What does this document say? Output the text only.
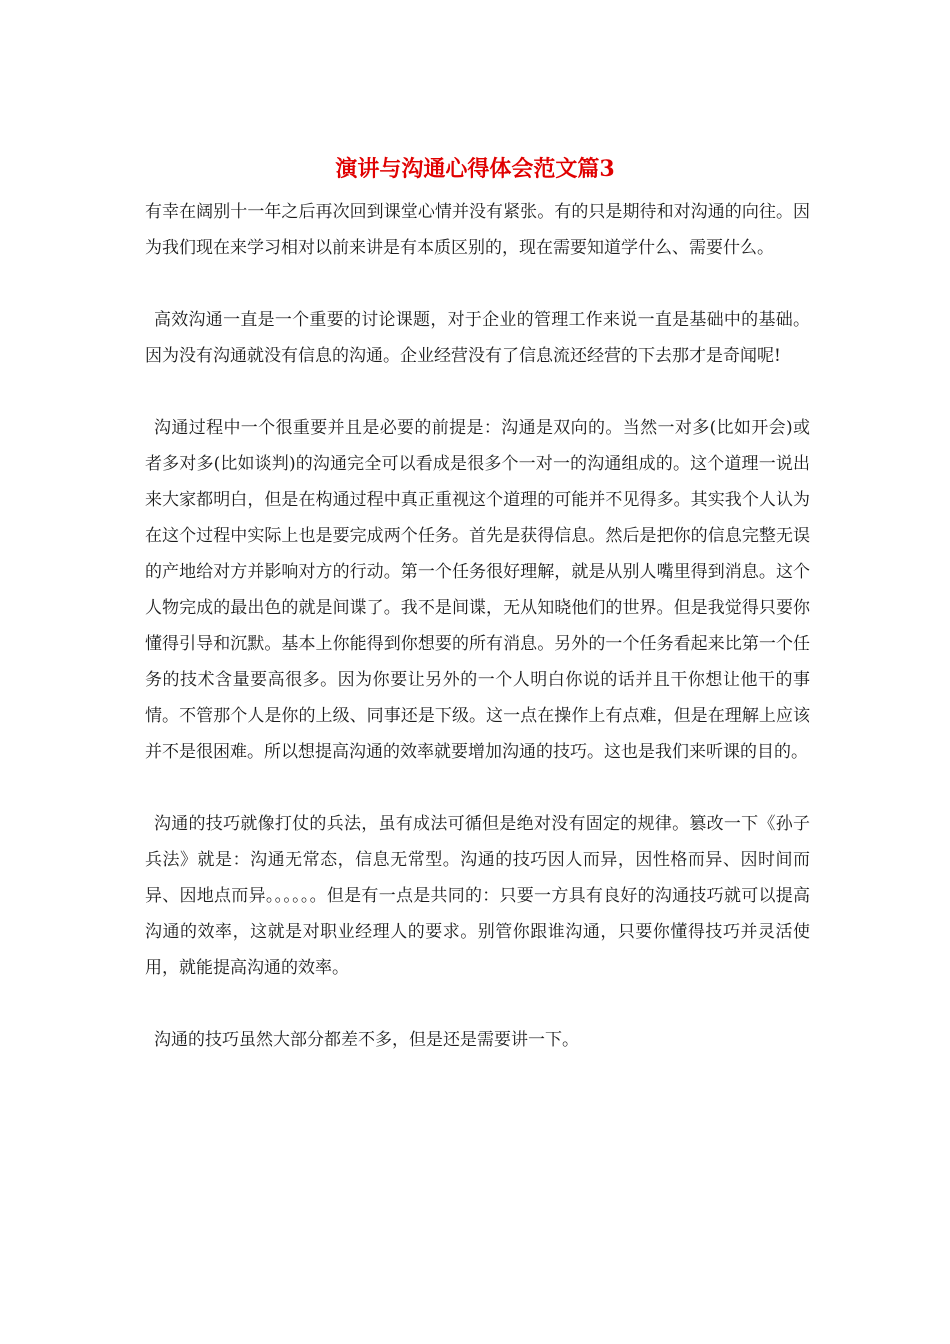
演讲与沟通心得体会范文篇3

有幸在阔别十一年之后再次回到课堂心情并没有紧张。有的只是期待和对沟通的向往。因为我们现在来学习相对以前来讲是有本质区别的，现在需要知道学什么、需要什么。

高效沟通一直是一个重要的讨论课题，对于企业的管理工作来说一直是基础中的基础。因为没有沟通就没有信息的沟通。企业经营没有了信息流还经营的下去那才是奇闻呢!

沟通过程中一个很重要并且是必要的前提是：沟通是双向的。当然一对多(比如开会)或者多对多(比如谈判)的沟通完全可以看成是很多个一对一的沟通组成的。这个道理一说出来大家都明白，但是在构通过程中真正重视这个道理的可能并不见得多。其实我个人认为在这个过程中实际上也是要完成两个任务。首先是获得信息。然后是把你的信息完整无误的产地给对方并影响对方的行动。第一个任务很好理解，就是从别人嘴里得到消息。这个人物完成的最出色的就是间谍了。我不是间谍，无从知晓他们的世界。但是我觉得只要你懂得引导和沉默。基本上你能得到你想要的所有消息。另外的一个任务看起来比第一个任务的技术含量要高很多。因为你要让另外的一个人明白你说的话并且干你想让他干的事情。不管那个人是你的上级、同事还是下级。这一点在操作上有点难，但是在理解上应该并不是很困难。所以想提高沟通的效率就要增加沟通的技巧。这也是我们来听课的目的。

沟通的技巧就像打仗的兵法，虽有成法可循但是绝对没有固定的规律。篡改一下《孙子兵法》就是：沟通无常态，信息无常型。沟通的技巧因人而异，因性格而异、因时间而异、因地点而异。。。。。。但是有一点是共同的：只要一方具有良好的沟通技巧就可以提高沟通的效率，这就是对职业经理人的要求。别管你跟谁沟通，只要你懂得技巧并灵活使用，就能提高沟通的效率。

沟通的技巧虽然大部分都差不多，但是还是需要讲一下。
